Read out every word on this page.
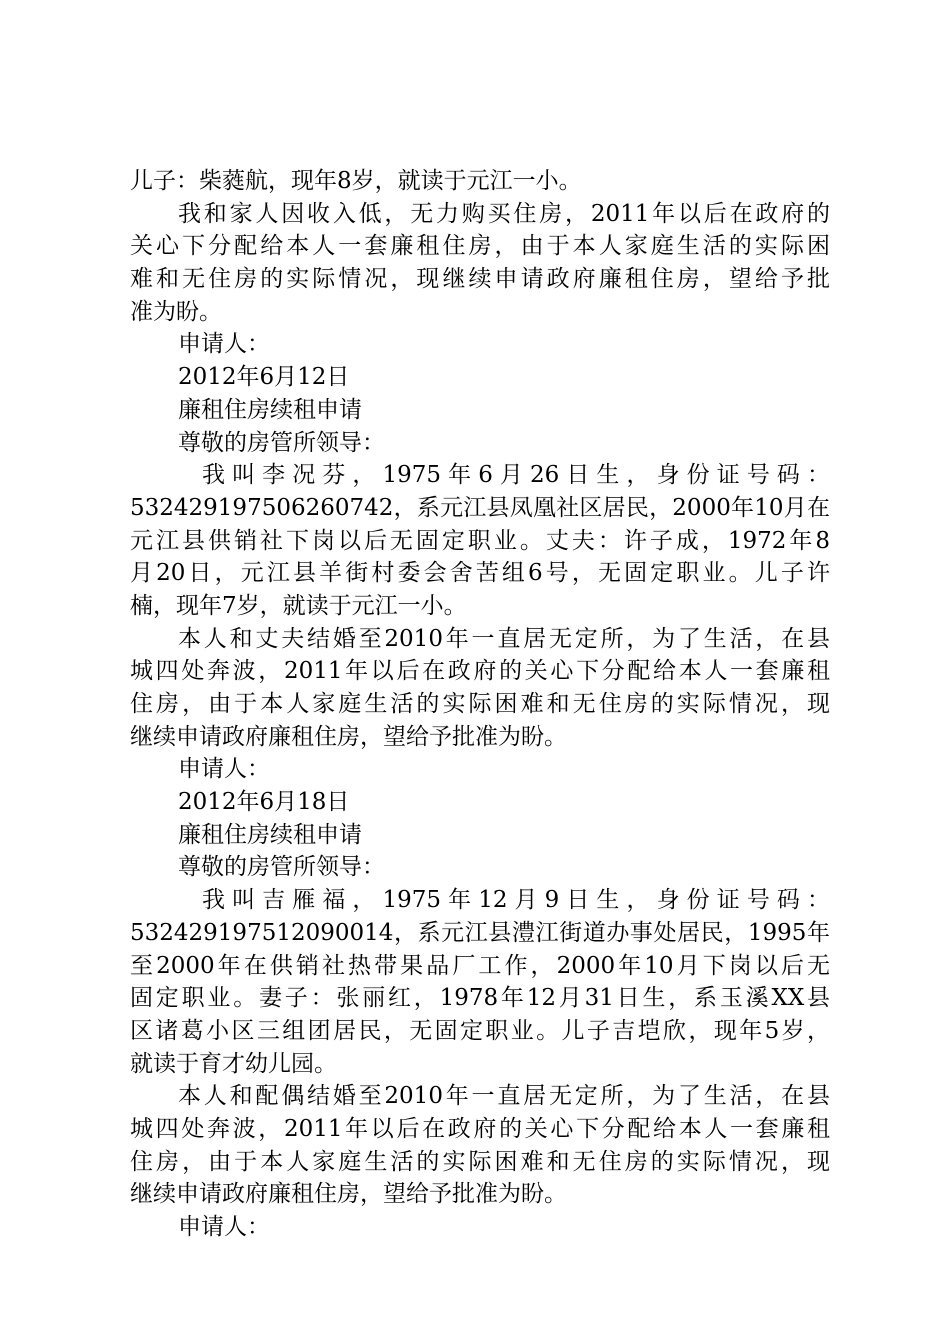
儿子：柴蕤航，现年8岁，就读于元江一小。
我和家人因收入低，无力购买住房，2011年以后在政府的
关心下分配给本人一套廉租住房，由于本人家庭生活的实际困
难和无住房的实际情况，现继续申请政府廉租住房，望给予批
准为盼。
申请人：
2012年6月12日
廉租住房续租申请
尊敬的房管所领导：
我叫李况芬，1975年6月26日生，身份证号码：
53242919750626074​2，系元江县凤凰社区居民，2000年10月在
元江县供销社下岗以后无固定职业。丈夫：许子成，1972年8
月20日，元江县羊街村委会舍苦组6号，无固定职业。儿子许
楠，现年7岁，就读于元江一小。
本人和丈夫结婚至2010年一直居无定所，为了生活，在县
城四处奔波，2011年以后在政府的关心下分配给本人一套廉租
住房，由于本人家庭生活的实际困难和无住房的实际情况，现
继续申请政府廉租住房，望给予批准为盼。
申请人：
2012年6月18日
廉租住房续租申请
尊敬的房管所领导：
我叫吉雁福，1975年12月9日生，身份证号码：
532429197512090014，系元江县澧江街道办事处居民，1995年
至2000年在供销社热带果品厂工作，2000年10月下岗以后无
固定职业。妻子：张丽红，1978年12月31日生，系玉溪XX县
区诸葛小区三组团居民，无固定职业。儿子吉垲欣，现年5岁，
就读于育才幼儿园。
本人和配偶结婚至2010年一直居无定所，为了生活，在县
城四处奔波，2011年以后在政府的关心下分配给本人一套廉租
住房，由于本人家庭生活的实际困难和无住房的实际情况，现
继续申请政府廉租住房，望给予批准为盼。
申请人：
